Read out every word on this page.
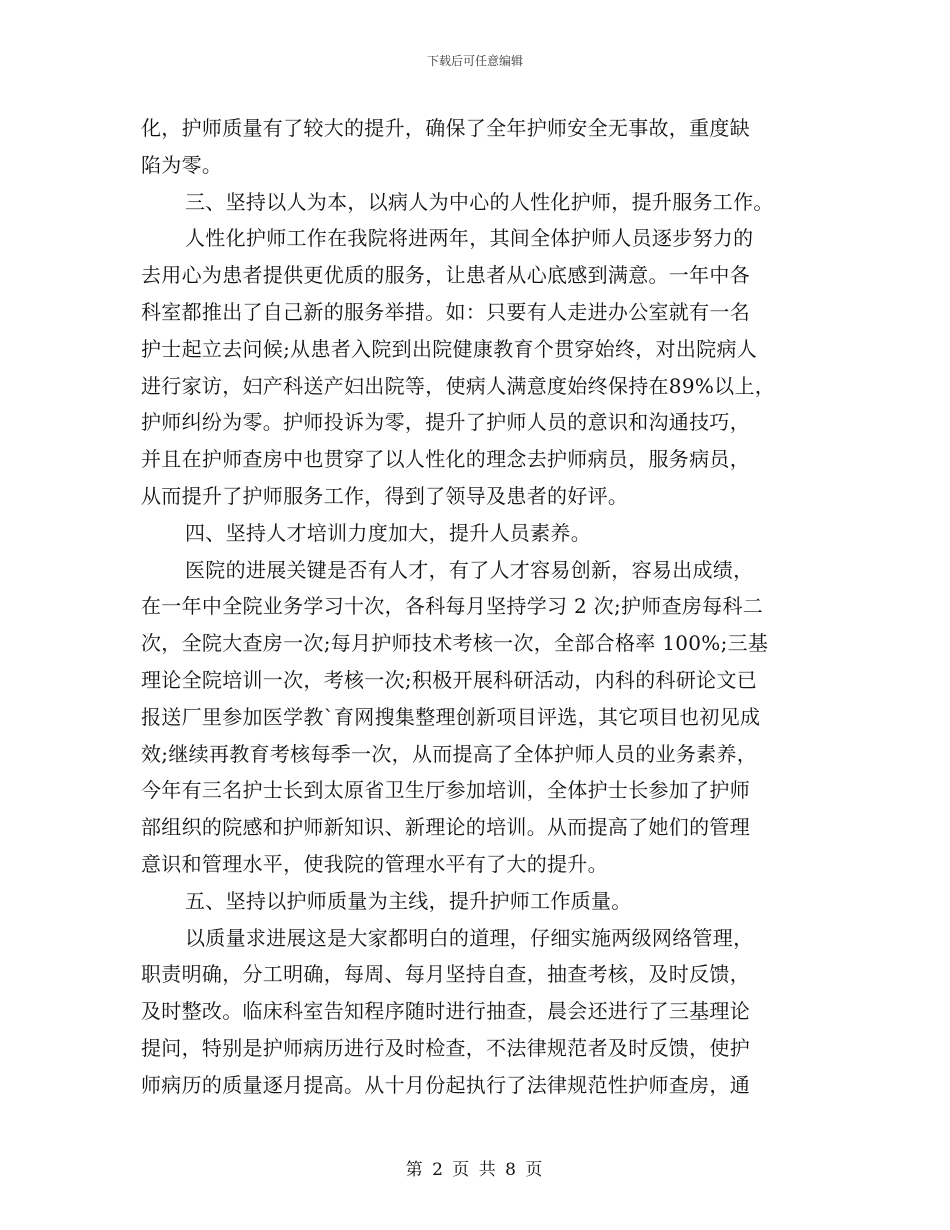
下载后可任意编辑

化，护师质量有了较大的提升，确保了全年护师安全无事故，重度缺
陷为零。
三、坚持以人为本，以病人为中心的人性化护师，提升服务工作。
人性化护师工作在我院将进两年，其间全体护师人员逐步努力的
去用心为患者提供更优质的服务，让患者从心底感到满意。一年中各
科室都推出了自己新的服务举措。如：只要有人走进办公室就有一名
护士起立去问候;从患者入院到出院健康教育个贯穿始终，对出院病人
进行家访，妇产科送产妇出院等，使病人满意度始终保持在89%以上，
护师纠纷为零。护师投诉为零，提升了护师人员的意识和沟通技巧，
并且在护师查房中也贯穿了以人性化的理念去护师病员，服务病员，
从而提升了护师服务工作，得到了领导及患者的好评。
四、坚持人才培训力度加大，提升人员素养。
医院的进展关键是否有人才，有了人才容易创新，容易出成绩，
在一年中全院业务学习十次，各科每月坚持学习 2 次;护师查房每科二
次，全院大查房一次;每月护师技术考核一次，全部合格率 100%;三基
理论全院培训一次，考核一次;积极开展科研活动，内科的科研论文已
报送厂里参加医学教`育网搜集整理创新项目评选，其它项目也初见成
效;继续再教育考核每季一次，从而提高了全体护师人员的业务素养，
今年有三名护士长到太原省卫生厅参加培训，全体护士长参加了护师
部组织的院感和护师新知识、新理论的培训。从而提高了她们的管理
意识和管理水平，使我院的管理水平有了大的提升。
五、坚持以护师质量为主线，提升护师工作质量。
以质量求进展这是大家都明白的道理，仔细实施两级网络管理，
职责明确，分工明确，每周、每月坚持自查，抽查考核，及时反馈，
及时整改。临床科室告知程序随时进行抽查，晨会还进行了三基理论
提问，特别是护师病历进行及时检查，不法律规范者及时反馈，使护
师病历的质量逐月提高。从十月份起执行了法律规范性护师查房，通

第 2 页 共 8 页
